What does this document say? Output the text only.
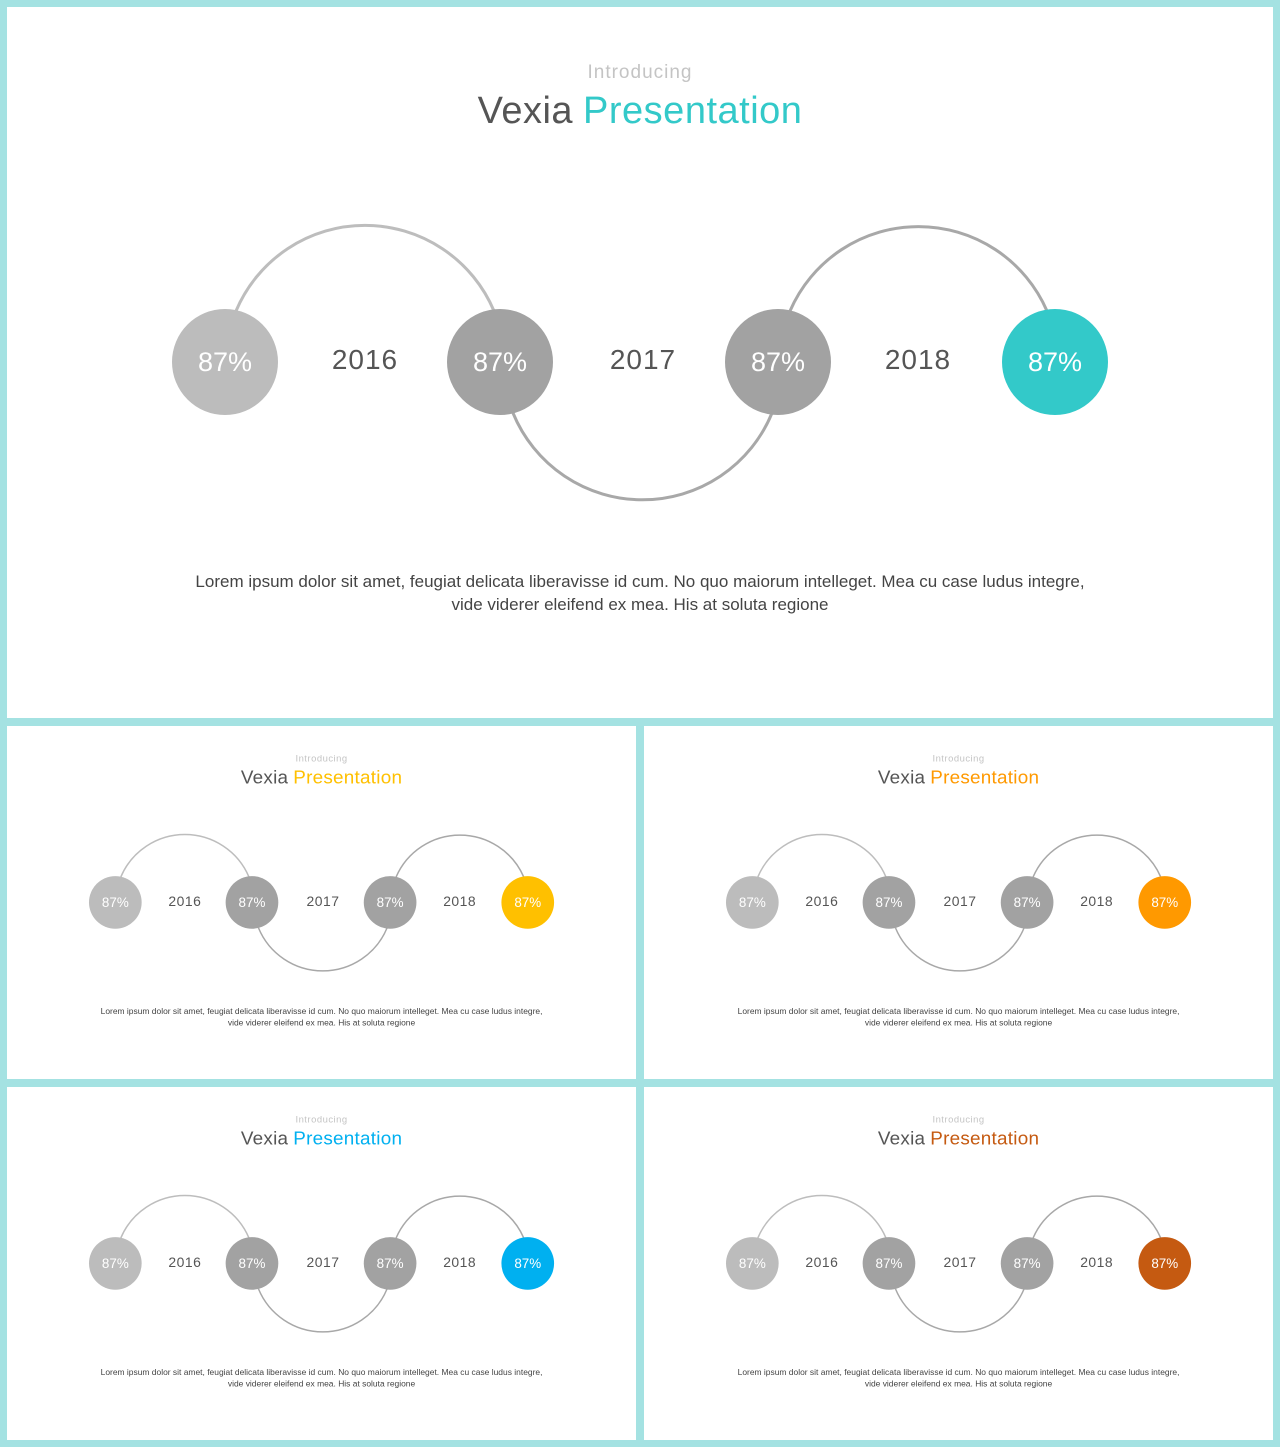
Introducing
Vexia Presentation
87%	2016	87%	2017	87%	2018	87%
Lorem ipsum dolor sit amet, feugiat delicata liberavisse id cum. No quo maiorum intelleget. Mea cu case ludus integre,
vide viderer eleifend ex mea. His at soluta regione
Introducing
Vexia Presentation
87%	2016	87%	2017	87%	2018	87%
Lorem ipsum dolor sit amet, feugiat delicata liberavisse id cum. No quo maiorum intelleget. Mea cu case ludus integre,
vide viderer eleifend ex mea. His at soluta regione
Introducing
Vexia Presentation
87%	2016	87%	2017	87%	2018	87%
Lorem ipsum dolor sit amet, feugiat delicata liberavisse id cum. No quo maiorum intelleget. Mea cu case ludus integre,
vide viderer eleifend ex mea. His at soluta regione
Introducing
Vexia Presentation
87%	2016	87%	2017	87%	2018	87%
Lorem ipsum dolor sit amet, feugiat delicata liberavisse id cum. No quo maiorum intelleget. Mea cu case ludus integre,
vide viderer eleifend ex mea. His at soluta regione
Introducing
Vexia Presentation
87%	2016	87%	2017	87%	2018	87%
Lorem ipsum dolor sit amet, feugiat delicata liberavisse id cum. No quo maiorum intelleget. Mea cu case ludus integre,
vide viderer eleifend ex mea. His at soluta regione
